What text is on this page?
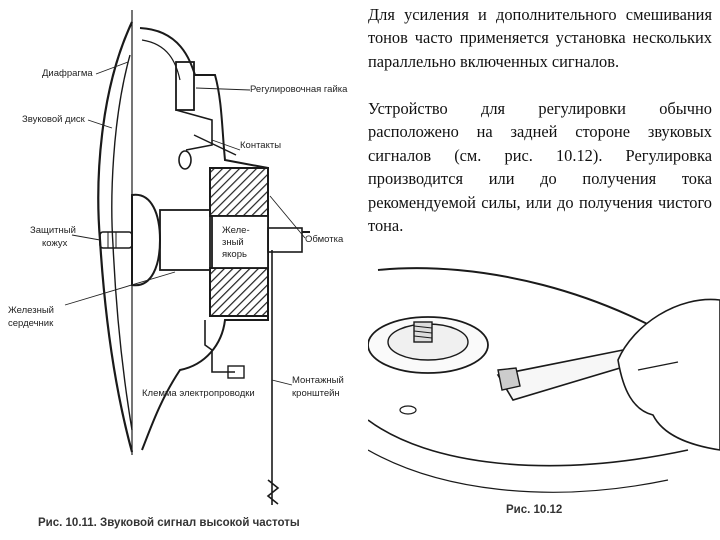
Для усиления и дополнительного смешивания тонов часто применяется установка нескольких параллельно включенных сигналов.

Устройство для регулировки обычно расположено на задней стороне звуковых сигналов (см. рис. 10.12). Регулировка производится или до получения тока рекомендуемой силы, или до получения чистого тона.

Диафрагма
Звуковой диск
Защитный
кожух
Железный
сердечник
Регулировочная гайка
Контакты
Обмотка
Желе-
зный
якорь
Клемма электропроводки
Монтажный
кронштейн
Рис. 10.11. Звуковой сигнал высокой частоты
Рис. 10.12
